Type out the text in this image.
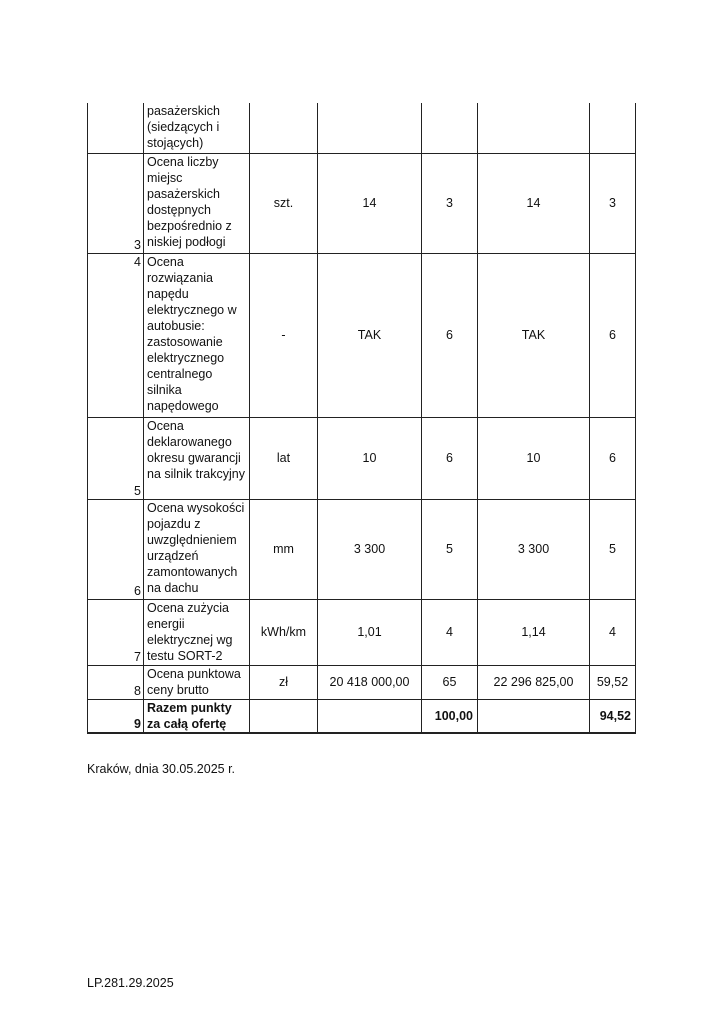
	pasażerskich (siedzących i stojących)					
3	Ocena liczby miejsc pasażerskich dostępnych bezpośrednio z niskiej podłogi	szt.	14	3	14	3
4	Ocena rozwiązania napędu elektrycznego w autobusie: zastosowanie elektrycznego centralnego silnika napędowego	-	TAK	6	TAK	6
5	Ocena deklarowanego okresu gwarancji na silnik trakcyjny	lat	10	6	10	6
6	Ocena wysokości pojazdu z uwzględnieniem urządzeń zamontowanych na dachu	mm	3 300	5	3 300	5
7	Ocena zużycia energii elektrycznej wg testu SORT-2	kWh/km	1,01	4	1,14	4
8	Ocena punktowa ceny brutto	zł	20 418 000,00	65	22 296 825,00	59,52
9	Razem punkty za całą ofertę			100,00		94,52
Kraków, dnia 30.05.2025 r.
LP.281.29.2025
